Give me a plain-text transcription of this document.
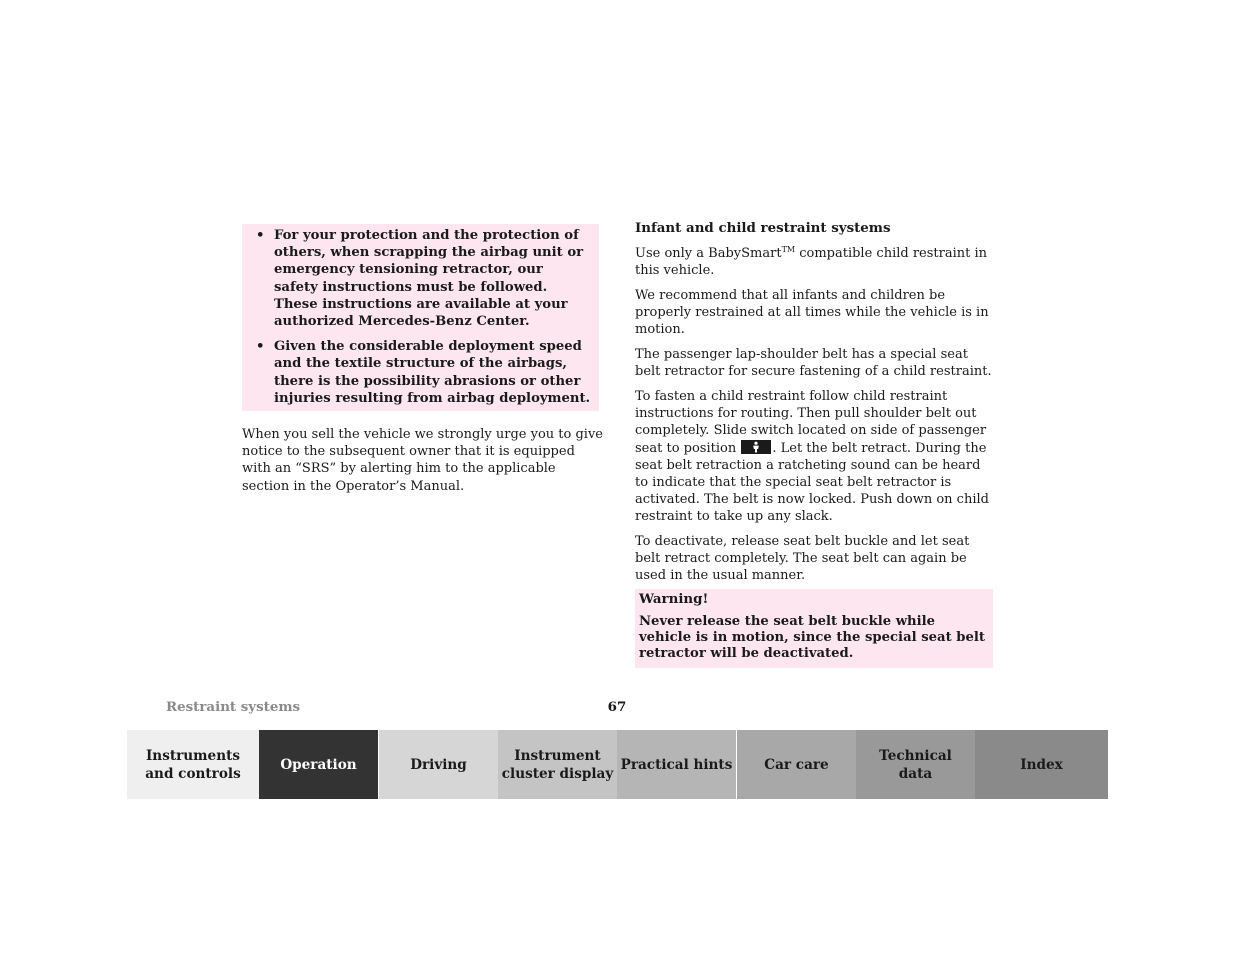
• For your protection and the protection of others, when scrapping the airbag unit or emergency tensioning retractor, our safety instructions must be followed. These instructions are available at your authorized Mercedes-Benz Center.
• Given the considerable deployment speed and the textile structure of the airbags, there is the possibility abrasions or other injuries resulting from airbag deployment.

When you sell the vehicle we strongly urge you to give notice to the subsequent owner that it is equipped with an “SRS” by alerting him to the applicable section in the Operator’s Manual.

Infant and child restraint systems

Use only a BabySmart™ compatible child restraint in this vehicle.

We recommend that all infants and children be properly restrained at all times while the vehicle is in motion.

The passenger lap-shoulder belt has a special seat belt retractor for secure fastening of a child restraint.

To fasten a child restraint follow child restraint instructions for routing. Then pull shoulder belt out completely. Slide switch located on side of passenger seat to position
. Let the belt retract. During the seat belt retraction a ratcheting sound can be heard to indicate that the special seat belt retractor is activated. The belt is now locked. Push down on child restraint to take up any slack.

To deactivate, release seat belt buckle and let seat belt retract completely. The seat belt can again be used in the usual manner.

Warning!

Never release the seat belt buckle while vehicle is in motion, since the special seat belt retractor will be deactivated.

Restraint systems	67
Instruments
and controls
Operation	Driving
Instrument
cluster display
Practical hints Car care
Technical
data
Index
